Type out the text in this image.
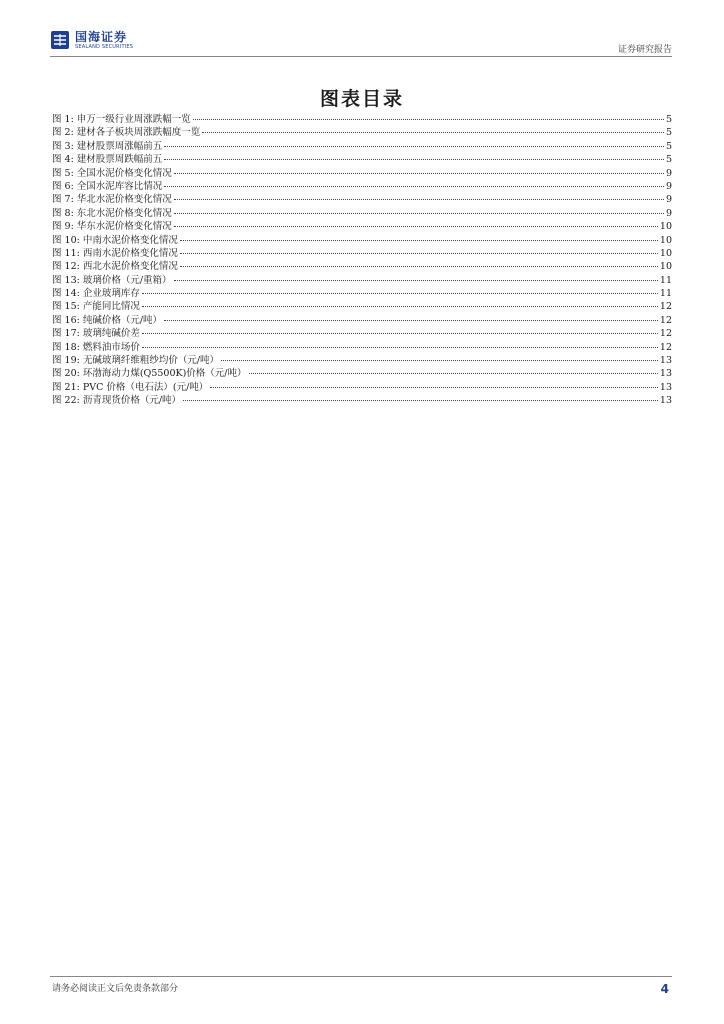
国海证券
SEALAND SECURITIES	证券研究报告
图表目录
图 1: 申万一级行业周涨跌幅一览	5
图 2: 建材各子板块周涨跌幅度一览	5
图 3: 建材股票周涨幅前五	5
图 4: 建材股票周跌幅前五	5
图 5: 全国水泥价格变化情况	9
图 6: 全国水泥库容比情况	9
图 7: 华北水泥价格变化情况	9
图 8: 东北水泥价格变化情况	9
图 9: 华东水泥价格变化情况	10
图 10: 中南水泥价格变化情况	10
图 11: 西南水泥价格变化情况	10
图 12: 西北水泥价格变化情况	10
图 13: 玻璃价格（元/重箱）	11
图 14: 企业玻璃库存	11
图 15: 产能同比情况	12
图 16: 纯碱价格（元/吨）	12
图 17: 玻璃纯碱价差	12
图 18: 燃料油市场价	12
图 19: 无碱玻璃纤维粗纱均价（元/吨）	13
图 20: 环渤海动力煤(Q5500K)价格（元/吨）	13
图 21: PVC 价格（电石法）(元/吨）	13
图 22: 沥青现货价格（元/吨）	13
请务必阅读正文后免责条款部分	4
